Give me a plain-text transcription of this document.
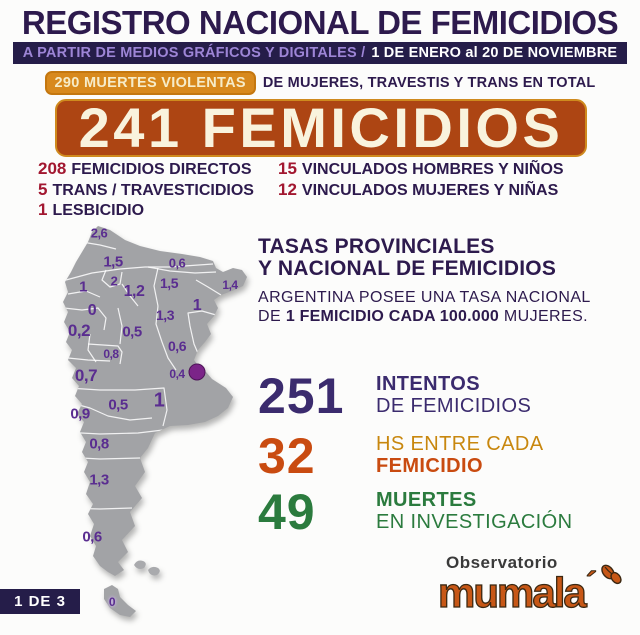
REGISTRO NACIONAL DE FEMICIDIOS
A PARTIR DE MEDIOS GRÁFICOS Y DIGITALES / 1 DE ENERO al 20 DE NOVIEMBRE
290 MUERTES VIOLENTAS	DE MUJERES, TRAVESTIS Y TRANS EN TOTAL
241 FEMICIDIOS
208 FEMICIDIOS DIRECTOS
5 TRANS / TRAVESTICIDIOS
1 LESBICIDIO
15 VINCULADOS HOMBRES Y NIÑOS
12 VINCULADOS MUJERES Y NIÑAS
2,6
1,5	0,6
1 2
1,2 1,5	1,4
1
0	1,3
0,2 0,5
0,6
0,8
0,7	0,4
1
0,5
0,9
0,8
1,3
0,6
0
TASAS PROVINCIALES
Y NACIONAL DE FEMICIDIOS
ARGENTINA POSEE UNA TASA NACIONAL
DE 1 FEMICIDIO CADA 100.000 MUJERES.
251	INTENTOS
DE FEMICIDIOS
32	HS ENTRE CADA
FEMICIDIO
49	MUERTES
EN INVESTIGACIÓN
1 DE 3
Observatorio
mumala ´
